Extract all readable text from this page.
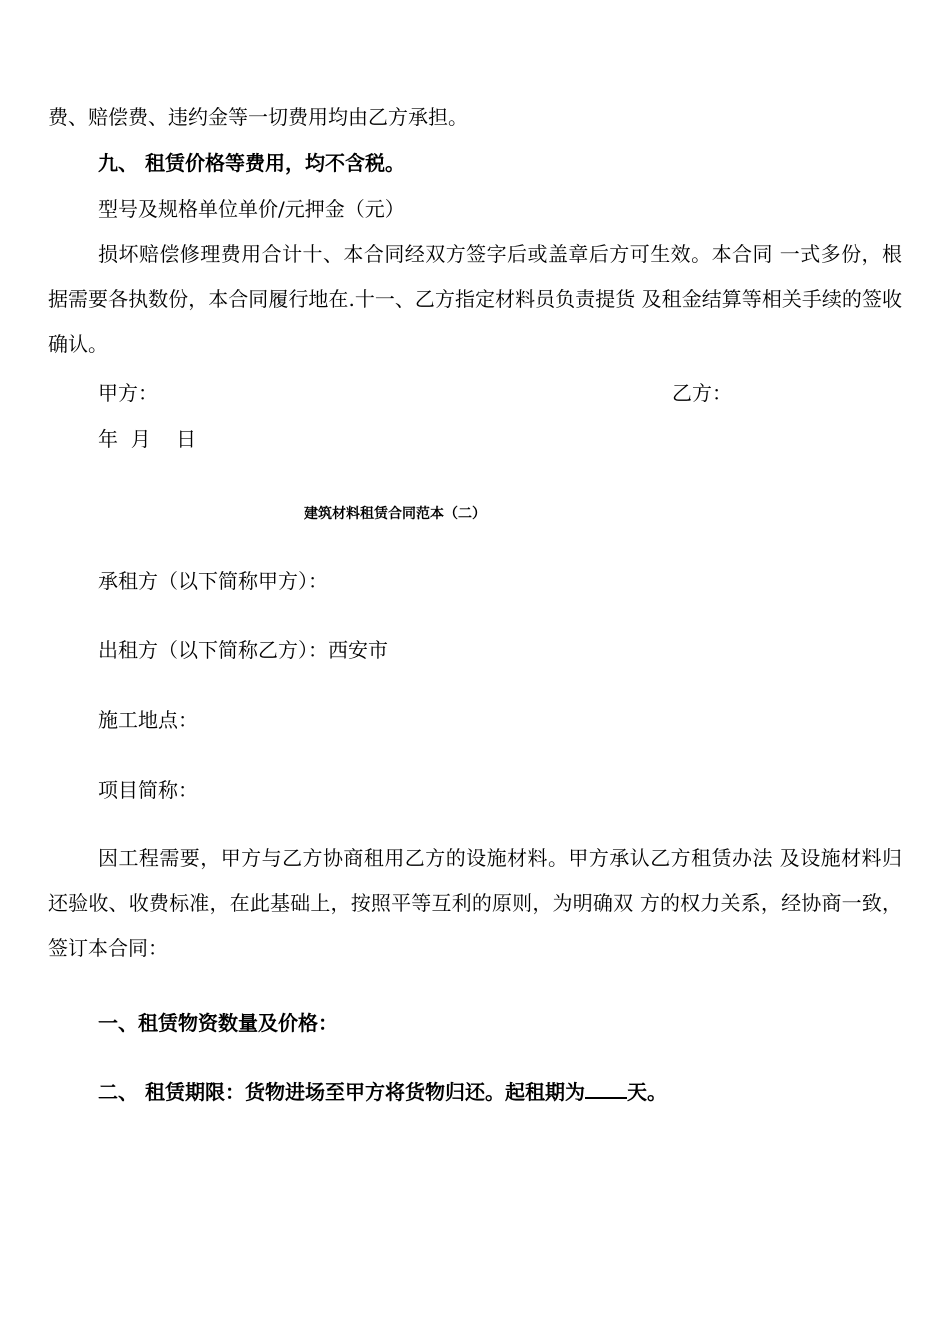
费、赔偿费、违约金等一切费用均由乙方承担。
九、 租赁价格等费用，均不含税。
型号及规格单位单价/元押金（元）
损坏赔偿修理费用合计十、本合同经双方签字后或盖章后方可生效。本合同 一式多份，根据需要各执数份，本合同履行地在.十一、乙方指定材料员负责提货 及租金结算等相关手续的签收确认。
甲方：	乙方：
年  月    日
建筑材料租赁合同范本（二）
承租方（以下简称甲方）：
出租方（以下简称乙方）：西安市
施工地点：
项目简称：
因工程需要，甲方与乙方协商租用乙方的设施材料。甲方承认乙方租赁办法 及设施材料归还验收、收费标准，在此基础上，按照平等互利的原则，为明确双 方的权力关系，经协商一致，签订本合同：
一、租赁物资数量及价格：
二、 租赁期限：货物进场至甲方将货物归还。起租期为 天。
